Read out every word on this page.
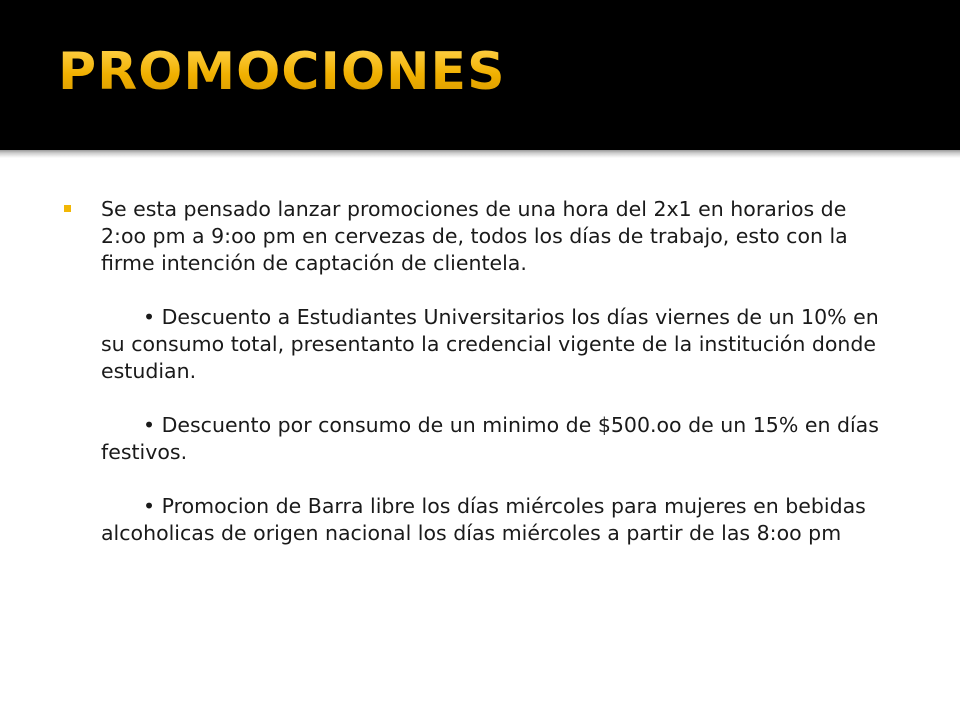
PROMOCIONES

Se esta pensado lanzar promociones de una hora del 2x1 en horarios de 2:oo pm a 9:oo pm en cervezas de, todos los días de trabajo, esto con la firme intención de captación de clientela.

• Descuento a Estudiantes Universitarios los días viernes de un 10% en su consumo total, presentanto la credencial vigente de la institución donde estudian.

• Descuento por consumo de un minimo de $500.oo de un 15% en días festivos.

• Promocion de Barra libre los días miércoles para mujeres en bebidas alcoholicas de origen nacional los días miércoles a partir de las 8:oo pm
